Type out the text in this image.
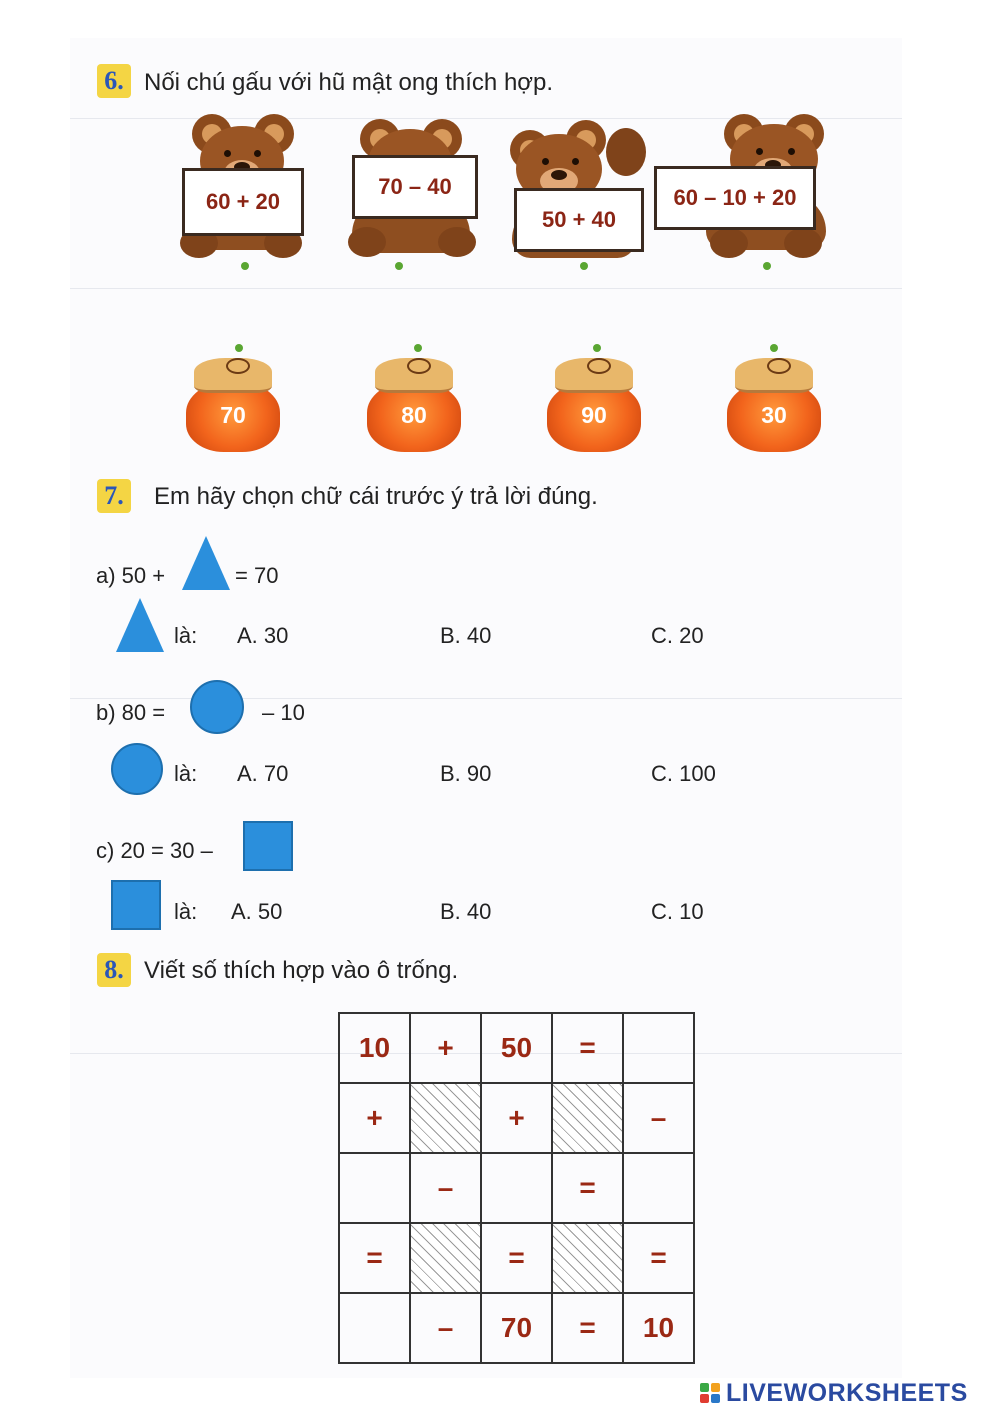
6. Nối chú gấu với hũ mật ong thích hợp.
60 + 20
70 – 40
50 + 40
60 – 10 + 20
70	80	90	30
7.	Em hãy chọn chữ cái trước ý trả lời đúng.
a) 50 +	= 70
là: A. 30	B. 40	C. 20
b) 80 =	– 10
là: A. 70	B. 90	C. 100
c) 20 = 30 –
là: A. 50	B. 40	C. 10
8. Viết số thích hợp vào ô trống.
10	+	50	=	
+		+		–
	–		=	
=		=		=
	–	70	=	10
LIVEWORKSHEETS
